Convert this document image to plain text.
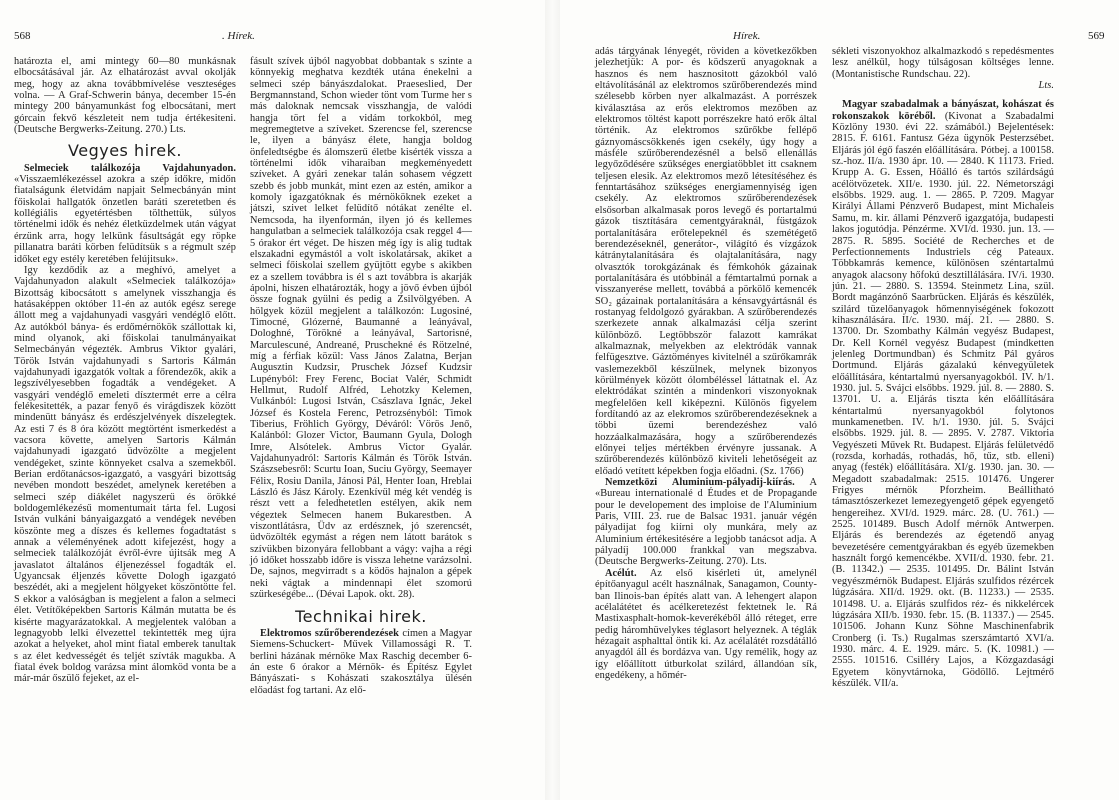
568	. Hírek.

határozta el, ami mintegy 60—80 munkásnak elbocsátásával jár. Az elhatározást avval okolják meg, hogy az akna továbbmívelése veszteséges volna. — A Graf-Schwerin bánya, december 15-én mintegy 200 bányamunkást fog elbocsátani, mert górcain fekvő készleteit nem tudja értékesiteni. (Deutsche Bergwerks-Zeitung. 270.) Lts.

Vegyes hirek.

Selmeciek találkozója Vajdahunyadon. «Visszaemlékezéssel azokra a szép időkre, midőn fiatalságunk életvidám napjait Selmecbányán mint főiskolai hallgatók önzetlen baráti szeretetben és kollégiális egyetértésben tölthettük, súlyos történelmi idők és nehéz életküzdelmek után vágyat érzünk arra, hogy lelkünk fásultságát egy röpke pillanatra baráti körben felüdítsük s a régmult szép időket egy estély keretében felújitsuk».

Igy kezdődik az a meghívó, amelyet a Vajdahunyadon alakult «Selmeciek találkozója» Bizottság kibocsátott s amelynek visszhangja és hatásaképpen október 11-én az autók egész serege állott meg a vajdahunyadi vasgyári vendéglő előtt. Az autókból bánya- és erdőmérnökök szállottak ki, mind olyanok, aki főiskolai tanulmányaikat Selmecbányán végezték. Ambrus Viktor gyalári, Török István vajdahunyadi s Sartoris Kálmán vajdahunyadi igazgatók voltak a főrendezők, akik a legszívélyesebben fogadták a vendégeket. A vasgyári vendéglő emeleti dísztermét erre a célra felékesitették, a pazar fenyő és virágdiszek között mindenütt bányász és erdészjelvények díszelegtek. Az esti 7 és 8 óra között megtörtént ismerkedést a vacsora követte, amelyen Sartoris Kálmán vajdahunyadi igazgató üdvözölte a megjelent vendégeket, szinte könnyeket csalva a szemekből. Berian erdőtanácsos-igazgató, a vasgyári bizottság nevében mondott beszédet, amelynek keretében a selmeci szép diákélet nagyszerü és örökké boldogemlékezésű momentumait tárta fel. Lugosi István vulkáni bányaigazgató a vendégek nevében köszönte meg a díszes és kellemes fogadtatást s annak a véleményének adott kifejezést, hogy a selmeciek találkozóját évről-évre újitsák meg A javaslatot általános éljenezéssel fogadták el. Ugyancsak éljenzés követte Dologh igazgató beszédét, aki a megjelent hölgyeket köszöntötte fel. S ekkor a valóságban is megjelent a falon a selmeci élet. Vetítőképekben Sartoris Kálmán mutatta be és kisérte magyarázatokkal. A megjelentek valóban a legnagyobb lelki élvezettel tekintették meg újra azokat a helyeket, ahol mint fiatal emberek tanultak s az élet kedvességét és teljét szívták magukba. A fiatal évek boldog varázsa mint álomköd vonta be a már-már őszülő fejeket, az el-

fásult szívek újból nagyobbat dobbantak s szinte a könnyekig meghatva kezdték utána énekelni a selmeci szép bányászdalokat. Praeseslied, Der Bergmannstand, Schon wieder tönt vom Turme her s más daloknak nemcsak visszhangja, de valódi hangja tört fel a vidám torkokból, meg megremegtetve a szíveket. Szerencse fel, szerencse le, ilyen a bányász élete, hangja boldog önfeledtségbe és álomszerű életbe kisérték vissza a történelmi idők viharaiban megkeményedett szíveket. A gyári zenekar talán sohasem végzett szebb és jobb munkát, mint ezen az estén, amikor a komoly igazgatóknak és mérnököknek ezeket a játszi, szivet lelket felüdítő nótákat zenélte el. Nemcsoda, ha ilyenformán, ilyen jó és kellemes hangulatban a selmeciek találkozója csak reggel 4—5 órakor ért véget. De hiszen még így is alig tudtak elszakadni egymástól a volt iskolatársak, akiket a selmeci főiskolai szellem gyüjtött egybe s akikben ez a szellem továbbra is él s azt továbbra is akarják ápolni, hiszen elhatározták, hogy a jövő évben újból össze fognak gyülni és pedig a Zsilvölgyében. A hölgyek közül megjelent a találkozón: Lugosiné, Timocné, Glózerné, Baumanné a leányával, Dologhné, Törökné a leányával, Sartorisné, Marculescuné, Andreané, Pruschekné és Rötzelné, míg a férfiak közül: Vass János Zalatna, Berjan Augusztin Kudzsir, Pruschek József Kudzsir Lupényból: Frey Ferenc, Bociat Valér, Schmidt Hellmut, Rudolf Alfréd, Lehotzky Kelemen, Vulkánból: Lugosi István, Császlava Ignác, Jekel József és Kostela Ferenc, Petrozsényból: Timok Tiberius, Fröhlich György, Déváról: Vörös Jenő, Kalánból: Glozer Victor, Baumann Gyula, Dologh Imre, Alsótelek. Ambrus Victor Gyalár. Vajdahunyadról: Sartoris Kálmán és Török István. Szászsebesről: Scurtu Ioan, Suciu György, Seemayer Félix, Rosiu Danila, Jánosi Pál, Henter Ioan, Hreblai László és Jász Károly. Ezenkívül még két vendég is részt vett a feledhetetlen estélyen, akik nem végeztek Selmecen hanem Bukarestben. A viszontlátásra, Üdv az erdésznek, jó szerencsét, üdvözölték egymást a régen nem látott barátok s szívükben bizonyára fellobbant a vágy: vajha a régi jó időket hosszabb időre is vissza lehetne varázsolni. De, sajnos, megvirradt s a ködös hajnalon a gépek neki vágtak a mindennapi élet szomorú szürkeségébe... (Dévai Lapok. okt. 28).

Technikai hirek.

Elektromos szűrőberendezések címen a Magyar Siemens-Schuckert- Művek Villamossági R. T. berlini házának mérnöke Max Raschig december 6-án este 6 órakor a Mérnök- és Építész Egylet Bányászati- s Kohászati szakosztálya ülésén előadást fog tartani. Az elő-

Hírek.	569

adás tárgyának lényegét, röviden a következőkben jelezhetjük: A por- és ködszerű anyagoknak a hasznos és nem hasznositott gázokból való eltávolításánál az elektromos szűrőberendezés mind szélesebb körben nyer alkalmazást. A porrészek kiválasztása az erős elektromos mezőben az elektromos töltést kapott porrészekre ható erők által történik. Az elektromos szűrőkbe fellépő gáznyomáscsökkenés igen csekély, úgy hogy a másféle szűrőberendezésnél a belső ellenállás legyőződésére szükséges energiatöbblet itt csaknem teljesen elesik. Az elektromos mező létesítéséhez és fenntartásához szükséges energiamennyiség igen csekély. Az elektromos szűrőberendezések elsősorban alkalmasak poros levegő és portartalmú gázok tisztítására cementgyáraknál, füstgázok portalanítására erőtelepeknél és szemétégető berendezéseknél, generátor-, világító és vízgázok kátránytalanítására és olajtalanítására, nagy olvasztók torokgázának és fémkohók gázainak portalanítására és utóbbinál a fémtartalmú pornak a visszanyerése mellett, továbbá a pörkölő kemencék SO₂ gázainak portalanítására a kénsavgyártásnál és rostanyag feldolgozó gyárakban. A szűrőberendezés szerkezete annak alkalmazási célja szerint különböző. Legtöbbször falazott kamrákat alkalmaznak, melyekben az elektródák vannak felfügesztve. Gáztöményes kivitelnél a szűrőkamrák vaslemezekből készülnek, melynek bizonyos körülmények között ólombéléssel láttatnak el. Az elektródákat szintén a mindenkori viszonyoknak megfelelően kell kiképezni. Különös figyelem fordítandó az az elekromos szűrőberendezéseknek a többi üzemi berendezéshez való hozzáalkalmazására, hogy a szűrőberendezés előnyei teljes mértékben érvényre jussanak. A szűrőberendezés különböző kiviteli lehetőségeit az előadó vetített képekben fogja előadni. (Sz. 1766)

Nemzetközi Aluminium-pályadij-kiírás. A «Bureau internationalé d Études et de Propagande pour le developement des imploise de l'Aluminium Paris, VIII. 23. rue de Balsac 1931. január végén pályadijat fog kiírni oly munkára, mely az Aluminium értékesitésére a legjobb tanácsot adja. A pályadíj 100.000 frankkal van megszabva. (Deutsche Bergwerks-Zeitung. 270). Lts.

Acélút. Az első kisérleti út, amelynél építőanyagul acélt használnak, Sanagamon, County-ban Ilinois-ban építés alatt van. A lehengert alapon acélalátétet és acélkeretezést fektetnek le. Rá Mastixasphalt-homok-keverékéből álló réteget, erre pedig háromhüvelykes téglasort helyeznek. A téglák hézagait asphalttal öntik ki. Az acélalátét rozsdátálló anyagdól áll és bordázva van. Ugy remélik, hogy az így előállított útburkolat szilárd, állandóan sík, engedékeny, a hőmér-

sékleti viszonyokhoz alkalmazkodó s repedésmentes lesz anélkül, hogy túlságosan költséges lenne. (Montanistische Rundschau. 22).

Lts.

Magyar szabadalmak a bányászat, kohászat és rokonszakok köréből. (Kivonat a Szabadalmi Közlöny 1930. évi 22. számából.) Bejelentések: 2815. F. 6161. Fantusz Géza ügynök Pesterzsébet. Eljárás jól égő faszén előállítására. Pótbej. a 100158. sz.-hoz. II/a. 1930 ápr. 10. — 2840. K 11173. Fried. Krupp A. G. Essen, Hőálló és tartós szilárdságú acélötvözetek. XII/e. 1930. júl. 22. Németországi elsőbbs. 1929. aug. 1. — 2865. P. 7209. Magyar Királyi Állami Pénzverő Budapest, mint Michaleis Samu, m. kir. állami Pénzverő igazgatója, budapesti lakos jogutódja. Pénzérme. XVI/d. 1930. jun. 13. — 2875. R. 5895. Société de Recherches et de Perfectionnements Industriels cég Pateaux. Többkamrás kemence, különösen széntartalmú anyagok alacsony hőfokú desztillálására. IV/i. 1930. jún. 21. — 2880. S. 13594. Steinmetz Lina, szül. Bordt magánzónő Saarbrücken. Eljárás és készülék, szilárd tüzelőanyagok hőmennyiségének fokozott kihasználására. II/c. 1930. máj. 21. — 2880. S. 13700. Dr. Szombathy Kálmán vegyész Budapest, Dr. Kell Kornél vegyész Budapest (mindketten jelenleg Dortmundban) és Schmitz Pál gyáros Dortmund. Eljárás gázalakú kénvegyületek előállítására, kéntartalmú nyersanyagokból. IV. h/1. 1930. jul. 5. Svájci elsőbbs. 1929. júl. 8. — 2880. S. 13701. U. a. Eljárás tiszta kén előállítására kéntartalmú nyersanyagokból folytonos munkamenetben. IV. h/1. 1930. júl. 5. Svájci elsőbbs. 1929. júl. 8. — 2895. V. 2787. Viktoria Vegyészeti Művek Rt. Budapest. Eljárás felületvédő (rozsda, korhadás, rothadás, hő, tűz, stb. elleni) anyag (festék) előállítására. XI/g. 1930. jan. 30. — Megadott szabadalmak: 2515. 101476. Ungerer Frigyes mérnök Pforzheim. Beállitható támasztószerkezet lemezegyengető gépek egyengető hengereihez. XVI/d. 1929. márc. 28. (U. 761.) — 2525. 101489. Busch Adolf mérnök Antwerpen. Eljárás és berendezés az égetendő anyag bevezetésére cementgyárakban és egyéb üzemekben használt forgó kemencékbe. XVII/d. 1930. febr. 21. (B. 11342.) — 2535. 101495. Dr. Bálint István vegyészmérnök Budapest. Eljárás szulfidos rézércek lúgzására. XII/d. 1929. okt. (B. 11233.) — 2535. 101498. U. a. Eljárás szulfidos réz- és nikkelércek lúgzására XII/b. 1930. febr. 15. (B. 11337.) — 2545. 101506. Johann Kunz Söhne Maschinenfabrik Cronberg (i. Ts.) Rugalmas szerszámtartó XVI/a. 1930. márc. 4. E. 1929. márc. 5. (K. 10981.) — 2555. 101516. Csilléry Lajos, a Közgazdasági Egyetem könyvtárnoka, Gödöllő. Lejtmérő készülék. VII/a.
